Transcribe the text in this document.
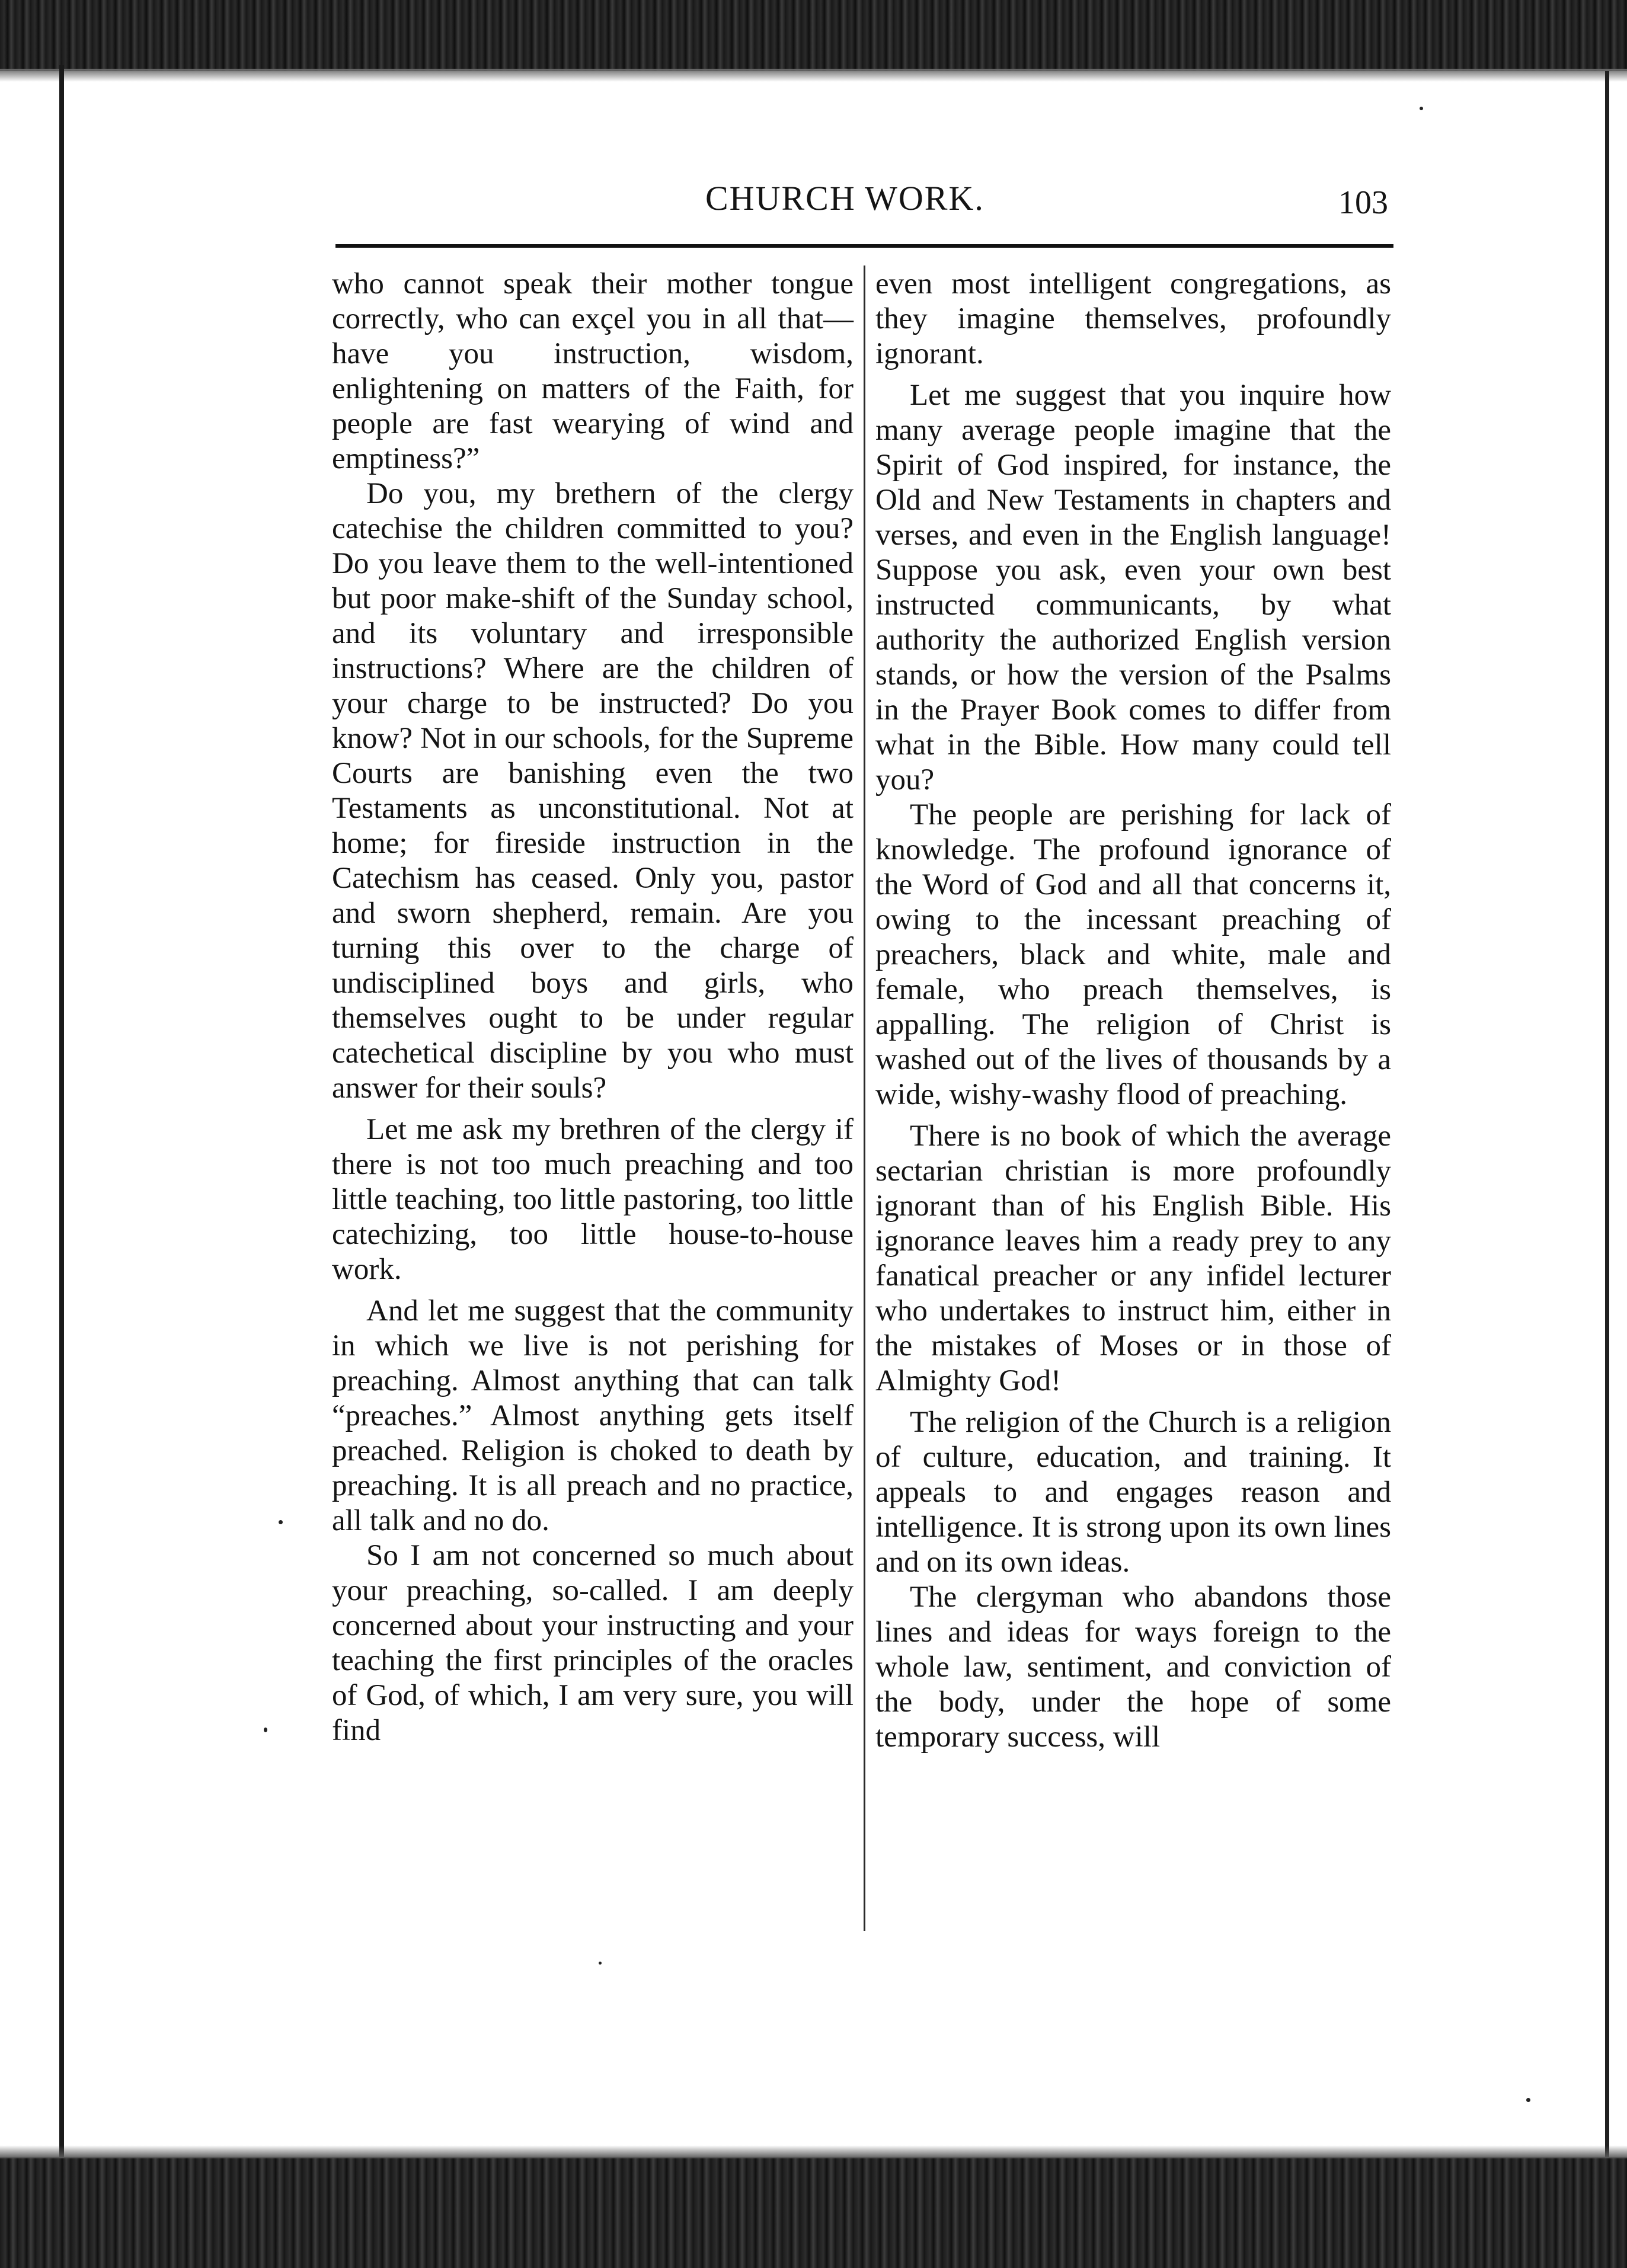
CHURCH WORK.	103

who cannot speak their mother tongue correctly, who can exçel you in all that—have you instruction, wisdom, enlightening on matters of the Faith, for people are fast wearying of wind and emptiness?”

Do you, my brethern of the clergy catechise the children committed to you? Do you leave them to the well-intentioned but poor make-shift of the Sunday school, and its voluntary and irresponsible instructions? Where are the children of your charge to be instructed? Do you know? Not in our schools, for the Supreme Courts are banishing even the two Testaments as unconstitutional. Not at home; for fireside instruction in the Catechism has ceased. Only you, pastor and sworn shepherd, remain. Are you turning this over to the charge of undisciplined boys and girls, who themselves ought to be under regular catechetical discipline by you who must answer for their souls?

Let me ask my brethren of the clergy if there is not too much preaching and too little teaching, too little pastoring, too little catechizing, too little house-to-house work.

And let me suggest that the community in which we live is not perishing for preaching. Almost anything that can talk “preaches.” Almost anything gets itself preached. Religion is choked to death by preaching. It is all preach and no practice, all talk and no do.

So I am not concerned so much about your preaching, so-called. I am deeply concerned about your instructing and your teaching the first principles of the oracles of God, of which, I am very sure, you will find

even most intelligent congregations, as they imagine themselves, profoundly ignorant.

Let me suggest that you inquire how many average people imagine that the Spirit of God inspired, for instance, the Old and New Testaments in chapters and verses, and even in the English language! Suppose you ask, even your own best instructed communicants, by what authority the authorized English version stands, or how the version of the Psalms in the Prayer Book comes to differ from what in the Bible. How many could tell you?

The people are perishing for lack of knowledge. The profound ignorance of the Word of God and all that concerns it, owing to the incessant preaching of preachers, black and white, male and female, who preach themselves, is appalling. The religion of Christ is washed out of the lives of thousands by a wide, wishy-washy flood of preaching.

There is no book of which the average sectarian christian is more profoundly ignorant than of his English Bible. His ignorance leaves him a ready prey to any fanatical preacher or any infidel lecturer who undertakes to instruct him, either in the mistakes of Moses or in those of Almighty God!

The religion of the Church is a religion of culture, education, and training. It appeals to and engages reason and intelligence. It is strong upon its own lines and on its own ideas.

The clergyman who abandons those lines and ideas for ways foreign to the whole law, sentiment, and conviction of the body, under the hope of some temporary success, will
